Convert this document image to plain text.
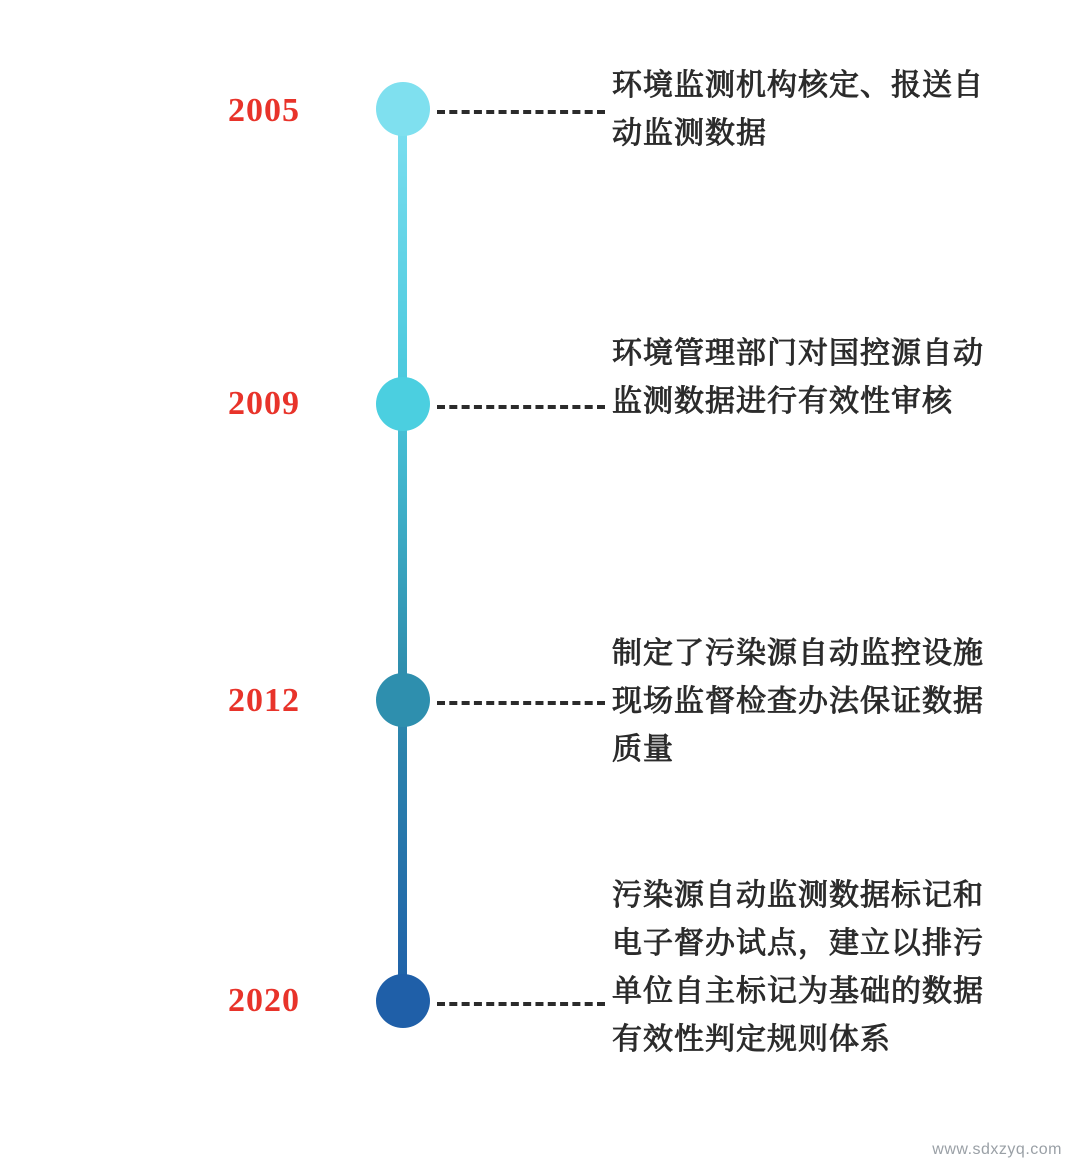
2005
环境监测机构核定、报送自动监测数据
2009
环境管理部门对国控源自动监测数据进行有效性审核
2012
制定了污染源自动监控设施现场监督检查办法保证数据质量
2020
污染源自动监测数据标记和电子督办试点，建立以排污单位自主标记为基础的数据有效性判定规则体系
www.sdxzyq.com
